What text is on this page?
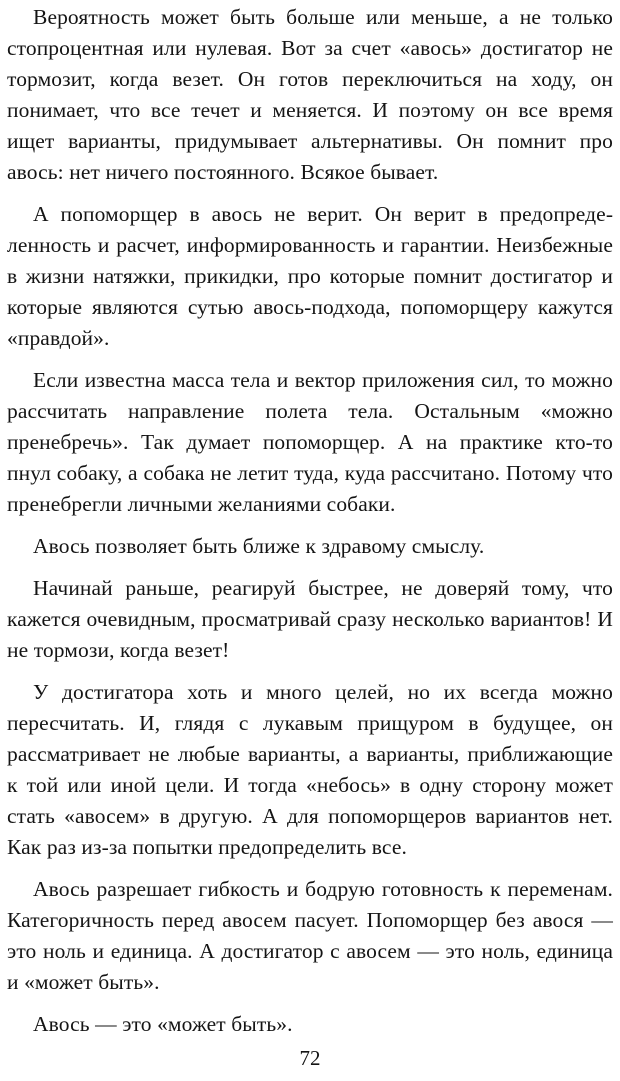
Вероятность может быть больше или меньше, а не только стопроцентная или нулевая. Вот за счет «авось» достигатор не тормозит, когда везет. Он готов переключиться на ходу, он понимает, что все течет и меняется. И поэтому он все время ищет варианты, придумывает альтернативы. Он помнит про авось: нет ничего постоянного. Всякое бывает.

А попоморщер в авось не верит. Он верит в предопределенность и расчет, информированность и гарантии. Неизбежные в жизни натяжки, прикидки, про которые помнит достигатор и которые являются сутью авось-подхода, попоморщеру кажутся «правдой».

Если известна масса тела и вектор приложения сил, то можно рассчитать направление полета тела. Остальным «можно пренебречь». Так думает попоморщер. А на практике кто-то пнул собаку, а собака не летит туда, куда рассчитано. Потому что пренебрегли личными желаниями собаки.

Авось позволяет быть ближе к здравому смыслу.

Начинай раньше, реагируй быстрее, не доверяй тому, что кажется очевидным, просматривай сразу несколько вариантов! И не тормози, когда везет!

У достигатора хоть и много целей, но их всегда можно пересчитать. И, глядя с лукавым прищуром в будущее, он рассматривает не любые варианты, а варианты, приближающие к той или иной цели. И тогда «небось» в одну сторону может стать «авосем» в другую. А для попоморщеров вариантов нет. Как раз из-за попытки предопределить все.

Авось разрешает гибкость и бодрую готовность к переменам. Категоричность перед авосем пасует. Попоморщер без авося — это ноль и единица. А достигатор с авосем — это ноль, единица и «может быть».

Авось — это «может быть».

72
